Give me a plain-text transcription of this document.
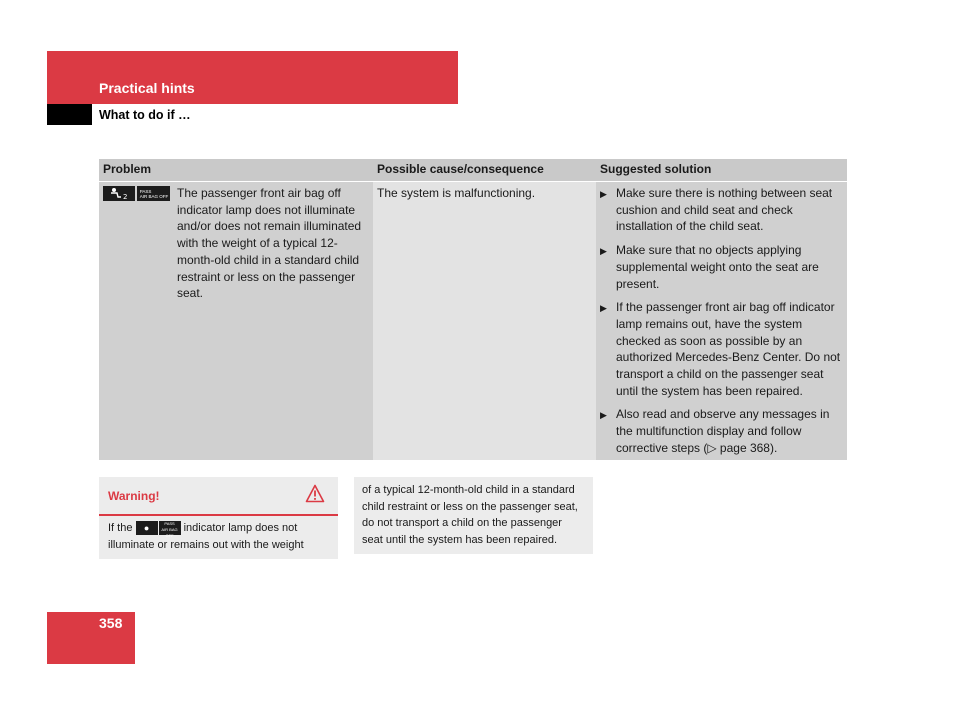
Practical hints
What to do if …
Problem	Possible cause/consequence	Suggested solution
2
PASS
AIR BAG OFF The passenger front air bag off indicator lamp does not illuminate and/or does not remain illuminated with the weight of a typical 12-month-old child in a standard child restraint or less on the passenger seat.
The system is malfunctioning.	▶ Make sure there is nothing between seat cushion and child seat and check installation of the child seat.
▶ Make sure that no objects applying supplemental weight onto the seat are present.
▶ If the passenger front air bag off indicator lamp remains out, have the system checked as soon as possible by an authorized Mercedes-Benz Center. Do not transport a child on the passenger seat until the system has been repaired.
▶ Also read and observe any messages in the multifunction display and follow corrective steps (▷ page 368).
Warning!
If the ●	PASS
AIR BAG OFF indicator lamp does not illuminate or remains out with the weight
of a typical 12-month-old child in a standard child restraint or less on the passenger seat, do not transport a child on the passenger seat until the system has been repaired.
358
